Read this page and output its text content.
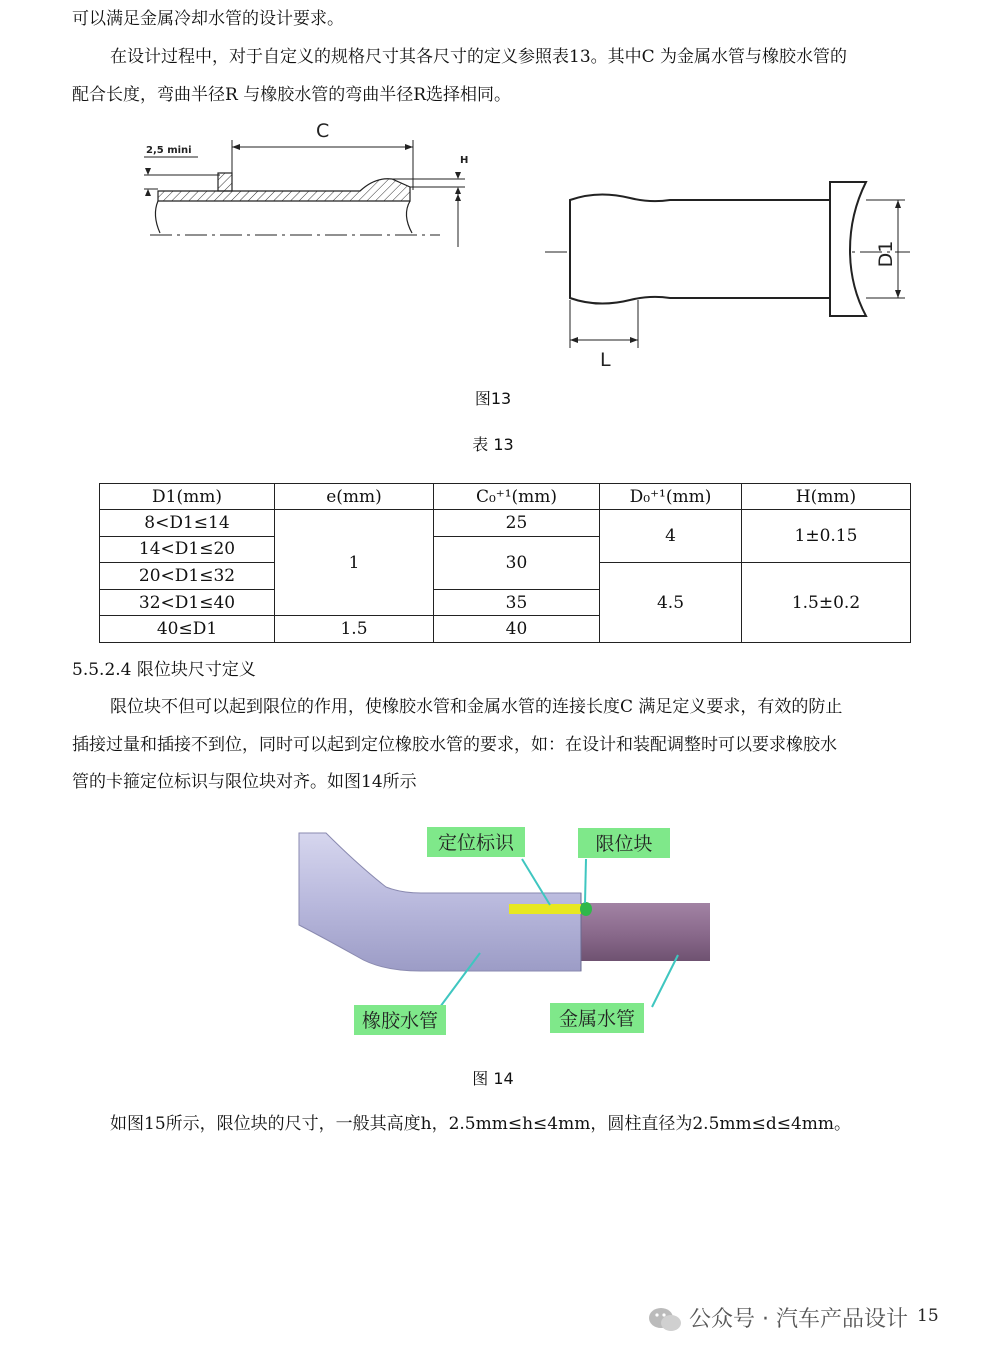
可以满足金属冷却水管的设计要求。
在设计过程中，对于自定义的规格尺寸其各尺寸的定义参照表13。其中C 为金属水管与橡胶水管的
配合长度，弯曲半径R 与橡胶水管的弯曲半径R选择相同。
C
2,5 mini
H
D1
L
图13
表 13
D1(mm)	e(mm)	C₀⁺¹(mm)	D₀⁺¹(mm)	H(mm)
8<D1≤14	1	25	4	1±0.15
14<D1≤20		30		
20<D1≤32			4.5	1.5±0.2
32<D1≤40		35		
40≤D1	1.5	40		
5.5.2.4 限位块尺寸定义
限位块不但可以起到限位的作用，使橡胶水管和金属水管的连接长度C 满足定义要求，有效的防止
插接过量和插接不到位，同时可以起到定位橡胶水管的要求，如：在设计和装配调整时可以要求橡胶水
管的卡箍定位标识与限位块对齐。如图14所示
定位标识	限位块
橡胶水管	金属水管
图 14
如图15所示，限位块的尺寸，一般其高度h，2.5mm≤h≤4mm，圆柱直径为2.5mm≤d≤4mm。
公众号 · 汽车产品设计 15
